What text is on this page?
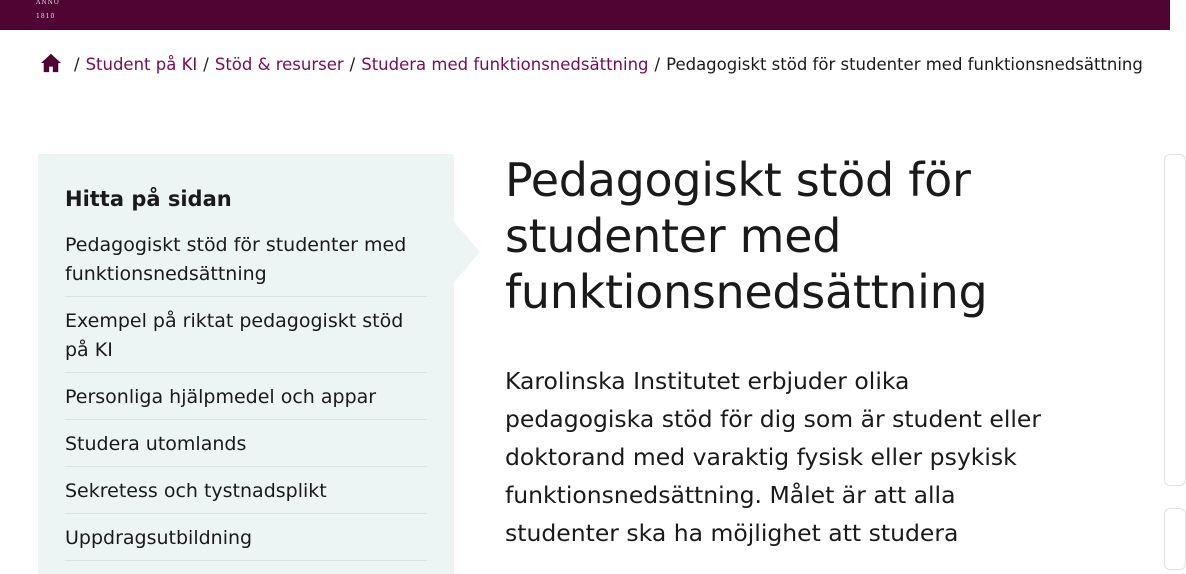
ANNO 1810
/ Student på KI / Stöd & resurser / Studera med funktionsnedsättning / Pedagogiskt stöd för studenter med funktionsnedsättning
Hitta på sidan
Pedagogiskt stöd för studenter med funktionsnedsättning
Exempel på riktat pedagogiskt stöd på KI
Personliga hjälpmedel och appar
Studera utomlands
Sekretess och tystnadsplikt
Uppdragsutbildning
Pedagogiskt stöd för studenter med funktionsnedsättning

Karolinska Institutet erbjuder olika pedagogiska stöd för dig som är student eller doktorand med varaktig fysisk eller psykisk funktionsnedsättning. Målet är att alla studenter ska ha möjlighet att studera
